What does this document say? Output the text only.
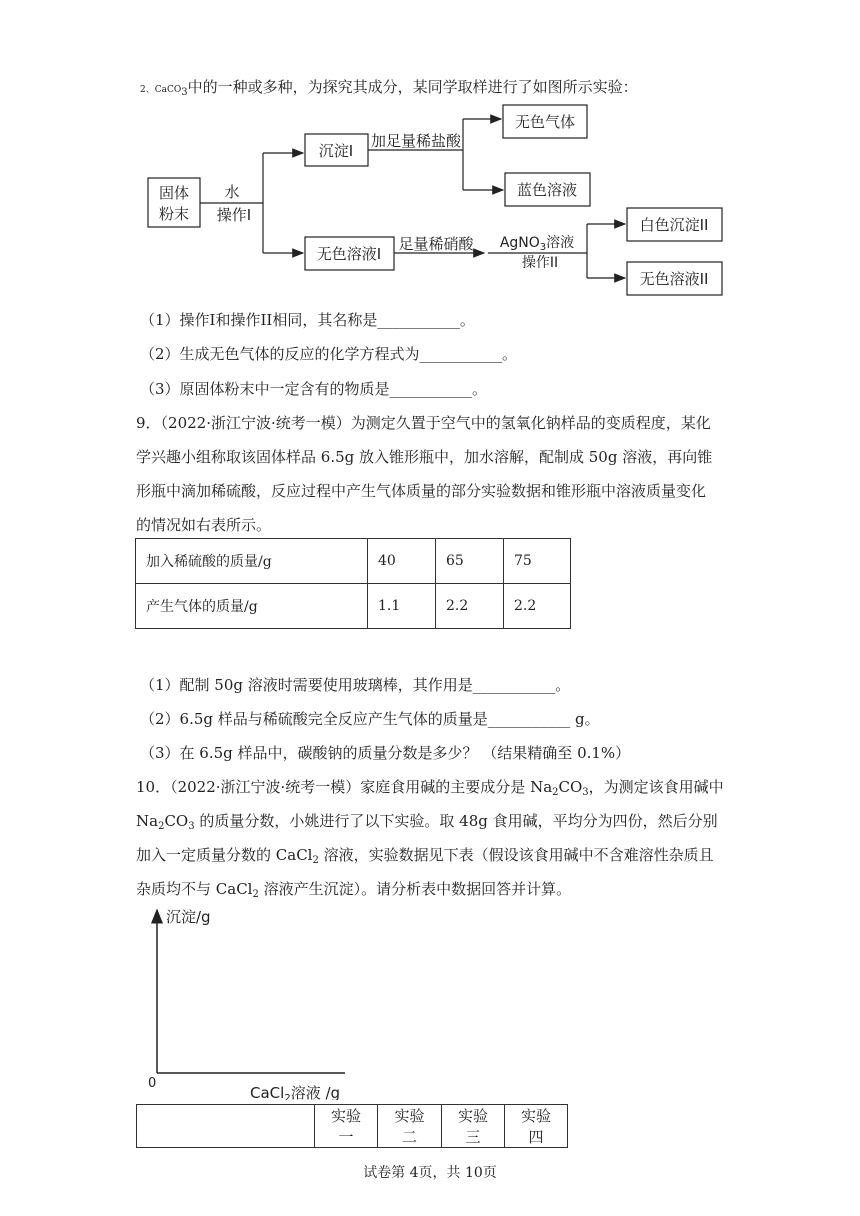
2、CaCO$_3$中的一种或多种，为探究其成分，某同学取样进行了如图所示实验：
固体
粉末
水
操作I
沉淀I
加足量稀盐酸
无色气体
蓝色溶液
无色溶液I
足量稀硝酸 AgNO$_3$溶液
操作II
白色沉淀II
无色溶液II
（1）操作I和操作II相同，其名称是___________。
（2）生成无色气体的反应的化学方程式为___________。
（3）原固体粉末中一定含有的物质是___________。
9．（2022·浙江宁波·统考一模）为测定久置于空气中的氢氧化钠样品的变质程度，某化
学兴趣小组称取该固体样品 6.5g 放入锥形瓶中，加水溶解，配制成 50g 溶液，再向锥
形瓶中滴加稀硫酸，反应过程中产生气体质量的部分实验数据和锥形瓶中溶液质量变化
的情况如右表所示。
加入稀硫酸的质量/g	40	65	75
产生气体的质量/g	1.1	2.2	2.2
（1）配制 50g 溶液时需要使用玻璃棒，其作用是___________。
（2）6.5g 样品与稀硫酸完全反应产生气体的质量是___________ g。
（3）在 6.5g 样品中，碳酸钠的质量分数是多少？ （结果精确至 0.1%）
10．（2022·浙江宁波·统考一模）家庭食用碱的主要成分是 $Na_2CO_3$，为测定该食用碱中
$Na_2CO_3$ 的质量分数，小姚进行了以下实验。取 48g 食用碱，平均分为四份，然后分别
加入一定质量分数的 CaCl$_2$ 溶液，实验数据见下表（假设该食用碱中不含难溶性杂质且
杂质均不与 CaCl$_2$ 溶液产生沉淀）。请分析表中数据回答并计算。
沉淀/g
0
CaCl$_2$溶液 /g
	实验一	实验二	实验三	实验四
试卷第 4页，共 10页
